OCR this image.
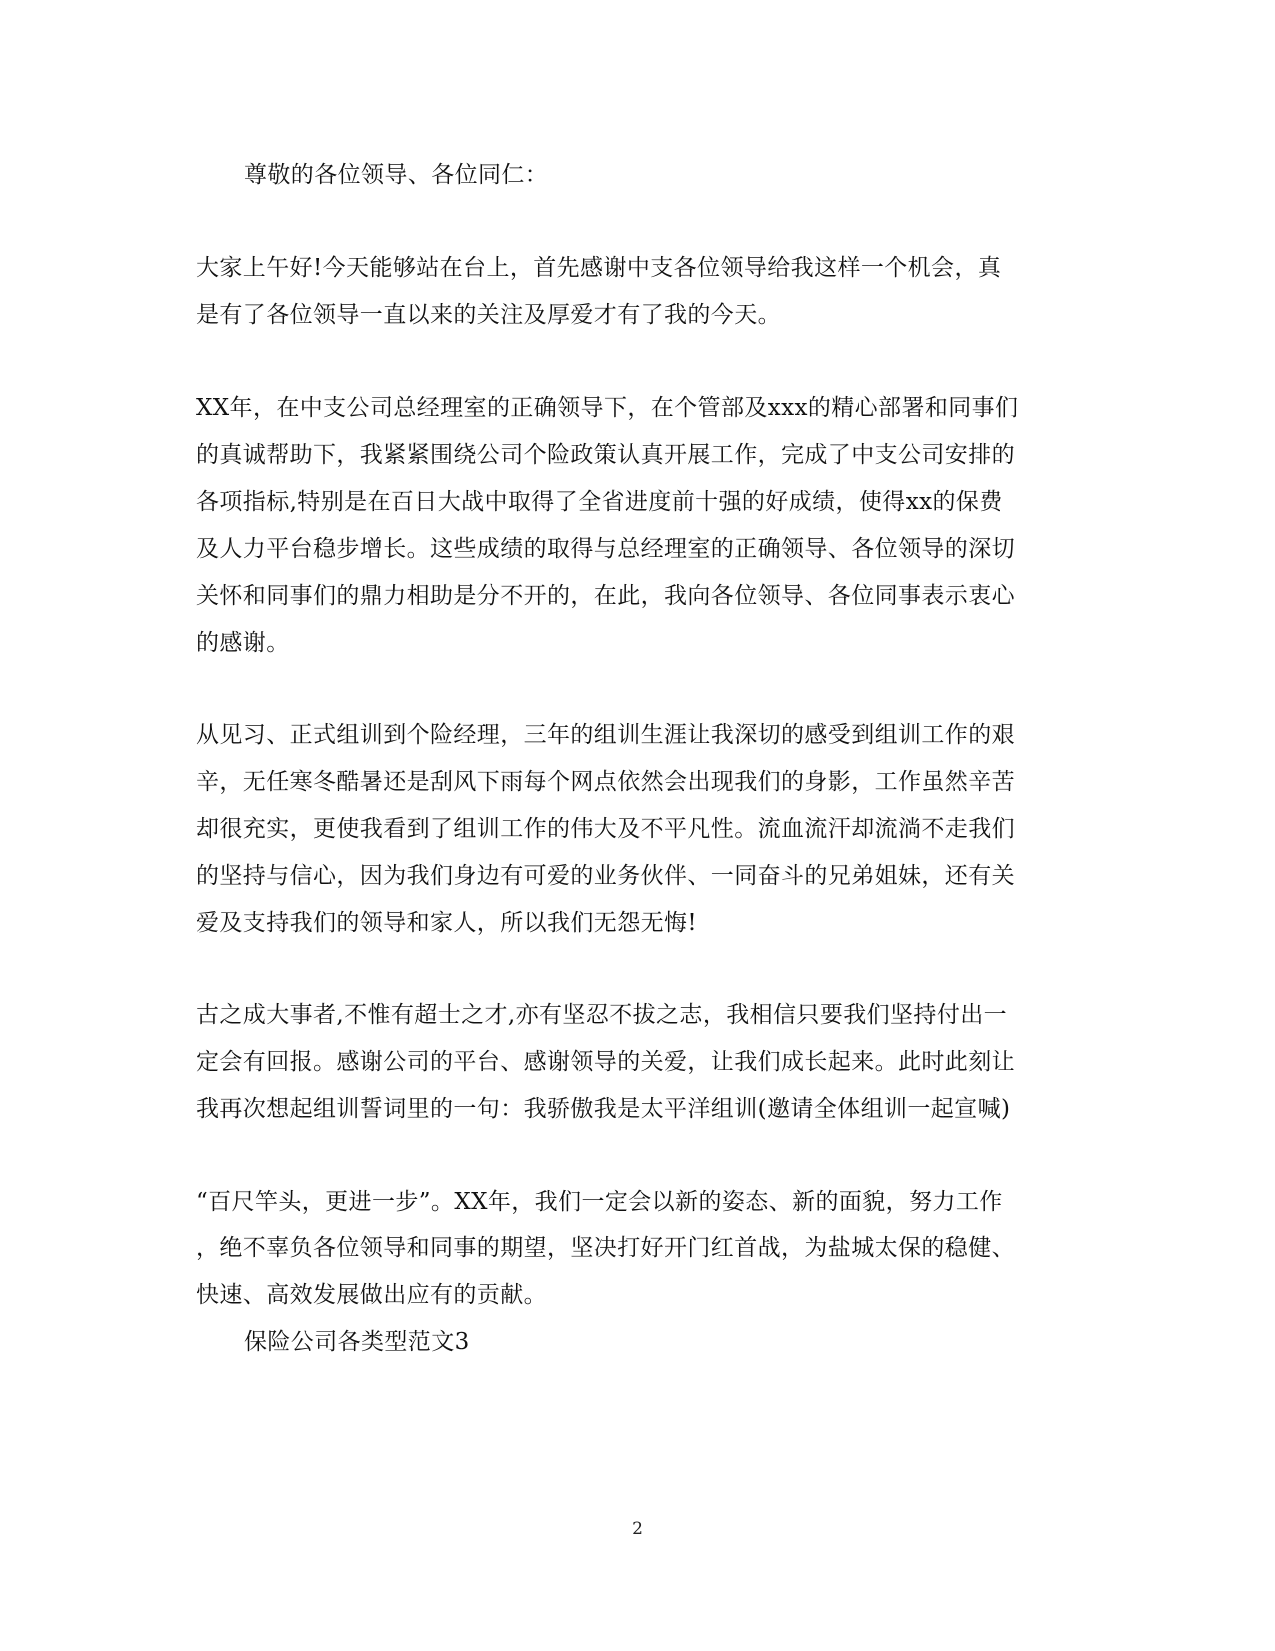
尊敬的各位领导、各位同仁：
大家上午好!今天能够站在台上，首先感谢中支各位领导给我这样一个机会，真
是有了各位领导一直以来的关注及厚爱才有了我的今天。
XX年，在中支公司总经理室的正确领导下，在个管部及xxx的精心部署和同事们
的真诚帮助下，我紧紧围绕公司个险政策认真开展工作，完成了中支公司安排的
各项指标,特别是在百日大战中取得了全省进度前十强的好成绩，使得xx的保费
及人力平台稳步增长。这些成绩的取得与总经理室的正确领导、各位领导的深切
关怀和同事们的鼎力相助是分不开的，在此，我向各位领导、各位同事表示衷心
的感谢。
从见习、正式组训到个险经理，三年的组训生涯让我深切的感受到组训工作的艰
辛，无任寒冬酷暑还是刮风下雨每个网点依然会出现我们的身影，工作虽然辛苦
却很充实，更使我看到了组训工作的伟大及不平凡性。流血流汗却流淌不走我们
的坚持与信心，因为我们身边有可爱的业务伙伴、一同奋斗的兄弟姐妹，还有关
爱及支持我们的领导和家人，所以我们无怨无悔!
古之成大事者,不惟有超士之才,亦有坚忍不拔之志，我相信只要我们坚持付出一
定会有回报。感谢公司的平台、感谢领导的关爱，让我们成长起来。此时此刻让
我再次想起组训誓词里的一句：我骄傲我是太平洋组训(邀请全体组训一起宣喊)
“百尺竿头，更进一步”。XX年，我们一定会以新的姿态、新的面貌，努力工作
，绝不辜负各位领导和同事的期望，坚决打好开门红首战，为盐城太保的稳健、
快速、高效发展做出应有的贡献。
保险公司各类型范文3
2
